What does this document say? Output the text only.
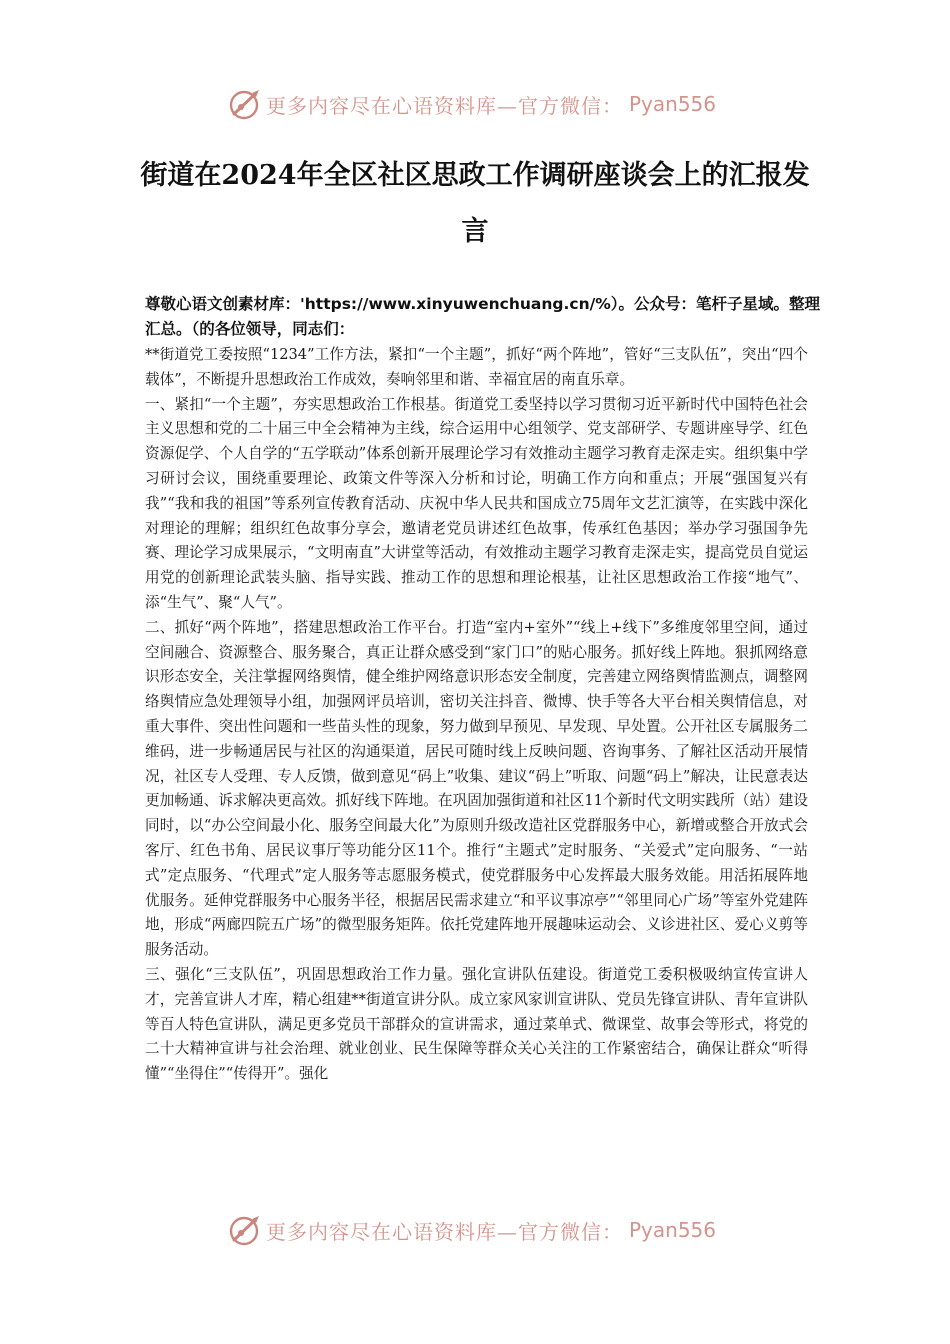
更多内容尽在心语资料库—官方微信： Pyan556
街道在2024年全区社区思政工作调研座谈会上的汇报发言
尊敬心语文创素材库：'https://www.xinyuwenchuang.cn/%）。公众号：笔杆子星域。整理汇总。（的各位领导，同志们：

**街道党工委按照“1234”工作方法，紧扣“一个主题”，抓好“两个阵地”，管好“三支队伍”，突出“四个载体”，不断提升思想政治工作成效，奏响邻里和谐、幸福宜居的南直乐章。

一、紧扣“一个主题”，夯实思想政治工作根基。街道党工委坚持以学习贯彻习近平新时代中国特色社会主义思想和党的二十届三中全会精神为主线，综合运用中心组领学、党支部研学、专题讲座导学、红色资源促学、个人自学的“五学联动”体系创新开展理论学习有效推动主题学习教育走深走实。组织集中学习研讨会议，围绕重要理论、政策文件等深入分析和讨论，明确工作方向和重点；开展“强国复兴有我”“我和我的祖国”等系列宣传教育活动、庆祝中华人民共和国成立75周年文艺汇演等，在实践中深化对理论的理解；组织红色故事分享会，邀请老党员讲述红色故事，传承红色基因；举办学习强国争先赛、理论学习成果展示，“文明南直”大讲堂等活动，有效推动主题学习教育走深走实，提高党员自觉运用党的创新理论武装头脑、指导实践、推动工作的思想和理论根基，让社区思想政治工作接“地气”、添“生气”、聚“人气”。

二、抓好“两个阵地”，搭建思想政治工作平台。打造“室内+室外”“线上+线下”多维度邻里空间，通过空间融合、资源整合、服务聚合，真正让群众感受到“家门口”的贴心服务。抓好线上阵地。狠抓网络意识形态安全，关注掌握网络舆情，健全维护网络意识形态安全制度，完善建立网络舆情监测点，调整网络舆情应急处理领导小组，加强网评员培训，密切关注抖音、微博、快手等各大平台相关舆情信息，对重大事件、突出性问题和一些苗头性的现象，努力做到早预见、早发现、早处置。公开社区专属服务二维码，进一步畅通居民与社区的沟通渠道，居民可随时线上反映问题、咨询事务、了解社区活动开展情况，社区专人受理、专人反馈，做到意见“码上”收集、建议“码上”听取、问题“码上”解决，让民意表达更加畅通、诉求解决更高效。抓好线下阵地。在巩固加强街道和社区11个新时代文明实践所（站）建设同时，以“办公空间最小化、服务空间最大化”为原则升级改造社区党群服务中心，新增或整合开放式会客厅、红色书角、居民议事厅等功能分区11个。推行“主题式”定时服务、“关爱式”定向服务、“一站式”定点服务、“代理式”定人服务等志愿服务模式，使党群服务中心发挥最大服务效能。用活拓展阵地优服务。延伸党群服务中心服务半径，根据居民需求建立“和平议事凉亭”“邻里同心广场”等室外党建阵地，形成“两廊四院五广场”的微型服务矩阵。依托党建阵地开展趣味运动会、义诊进社区、爱心义剪等服务活动。

三、强化“三支队伍”，巩固思想政治工作力量。强化宣讲队伍建设。街道党工委积极吸纳宣传宣讲人才，完善宣讲人才库，精心组建**街道宣讲分队。成立家风家训宣讲队、党员先锋宣讲队、青年宣讲队等百人特色宣讲队，满足更多党员干部群众的宣讲需求，通过菜单式、微课堂、故事会等形式，将党的二十大精神宣讲与社会治理、就业创业、民生保障等群众关心关注的工作紧密结合，确保让群众“听得懂”“坐得住”“传得开”。强化

更多内容尽在心语资料库—官方微信： Pyan556
